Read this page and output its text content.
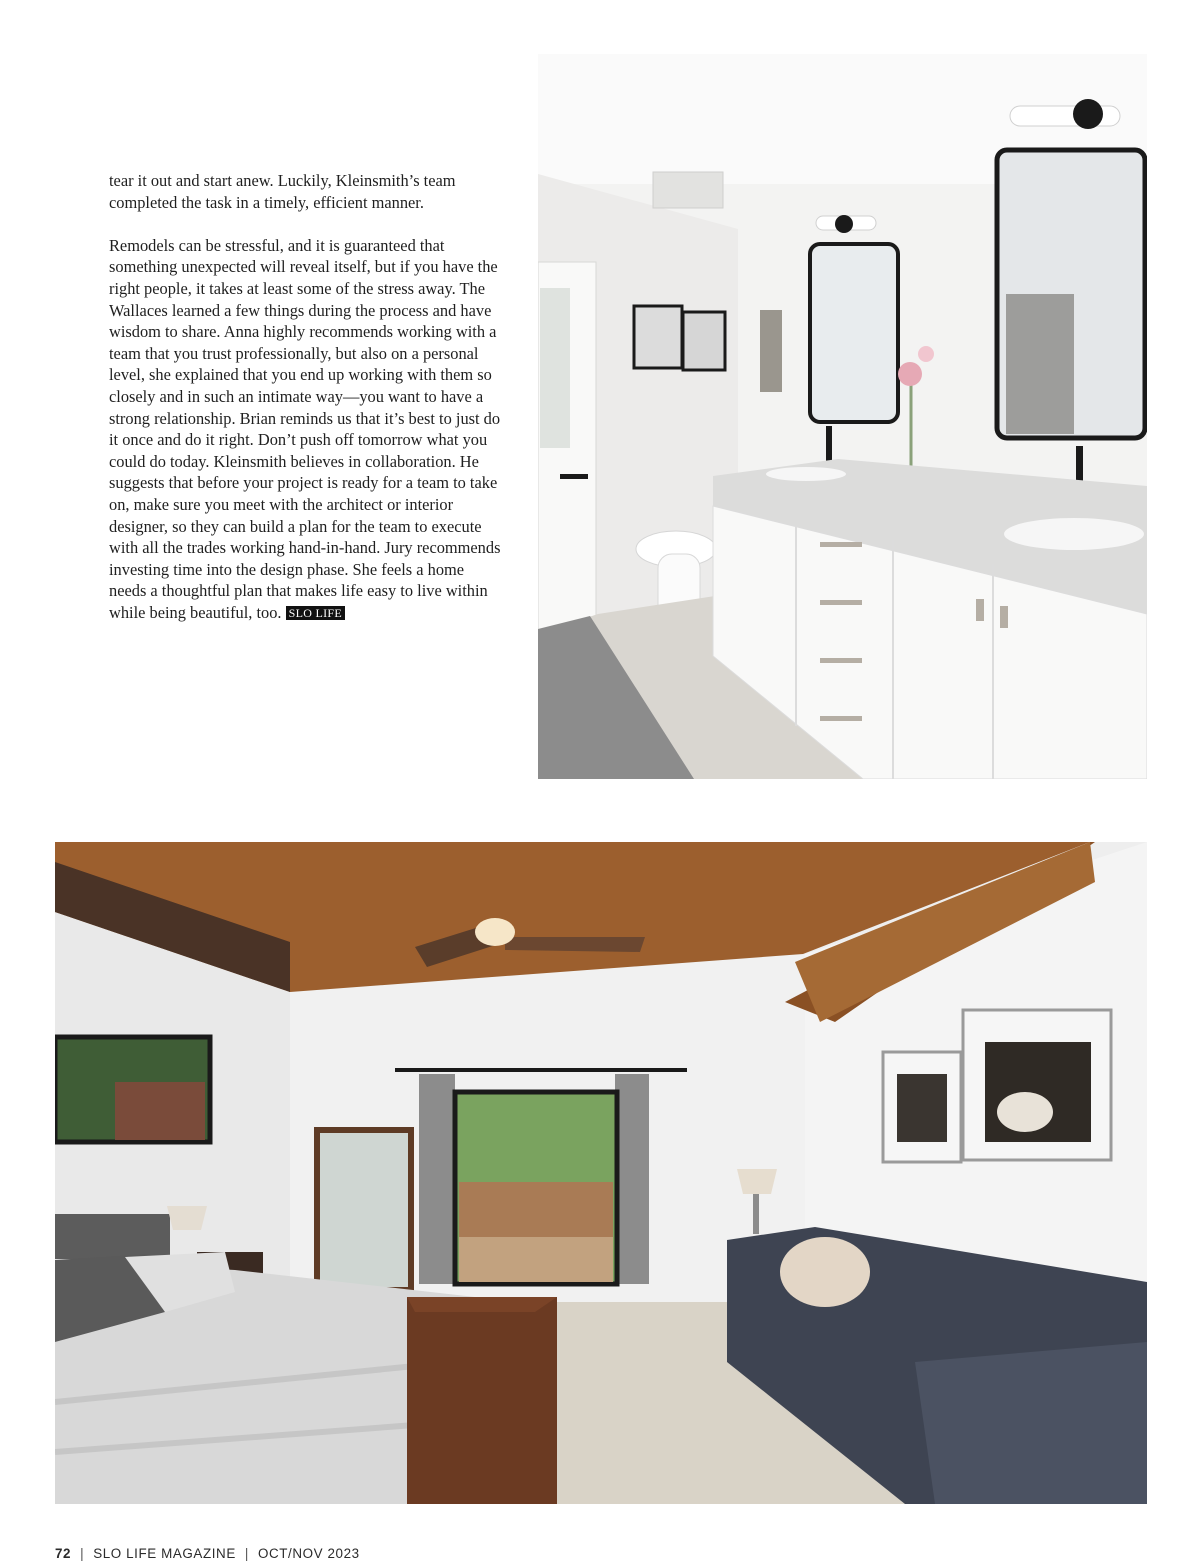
tear it out and start anew. Luckily, Kleinsmith’s team completed the task in a timely, efficient manner.

Remodels can be stressful, and it is guaranteed that something unexpected will reveal itself, but if you have the right people, it takes at least some of the stress away. The Wallaces learned a few things during the process and have wisdom to share. Anna highly recommends working with a team that you trust professionally, but also on a personal level, she explained that you end up working with them so closely and in such an intimate way—you want to have a strong relationship. Brian reminds us that it’s best to just do it once and do it right. Don’t push off tomorrow what you could do today. Kleinsmith believes in collaboration. He suggests that before your project is ready for a team to take on, make sure you meet with the architect or interior designer, so they can build a plan for the team to execute with all the trades working hand-in-hand. Jury recommends investing time into the design phase. She feels a home needs a thoughtful plan that makes life easy to live within while being beautiful, too. SLO LIFE

72 | SLO LIFE MAGAZINE | OCT/NOV 2023
